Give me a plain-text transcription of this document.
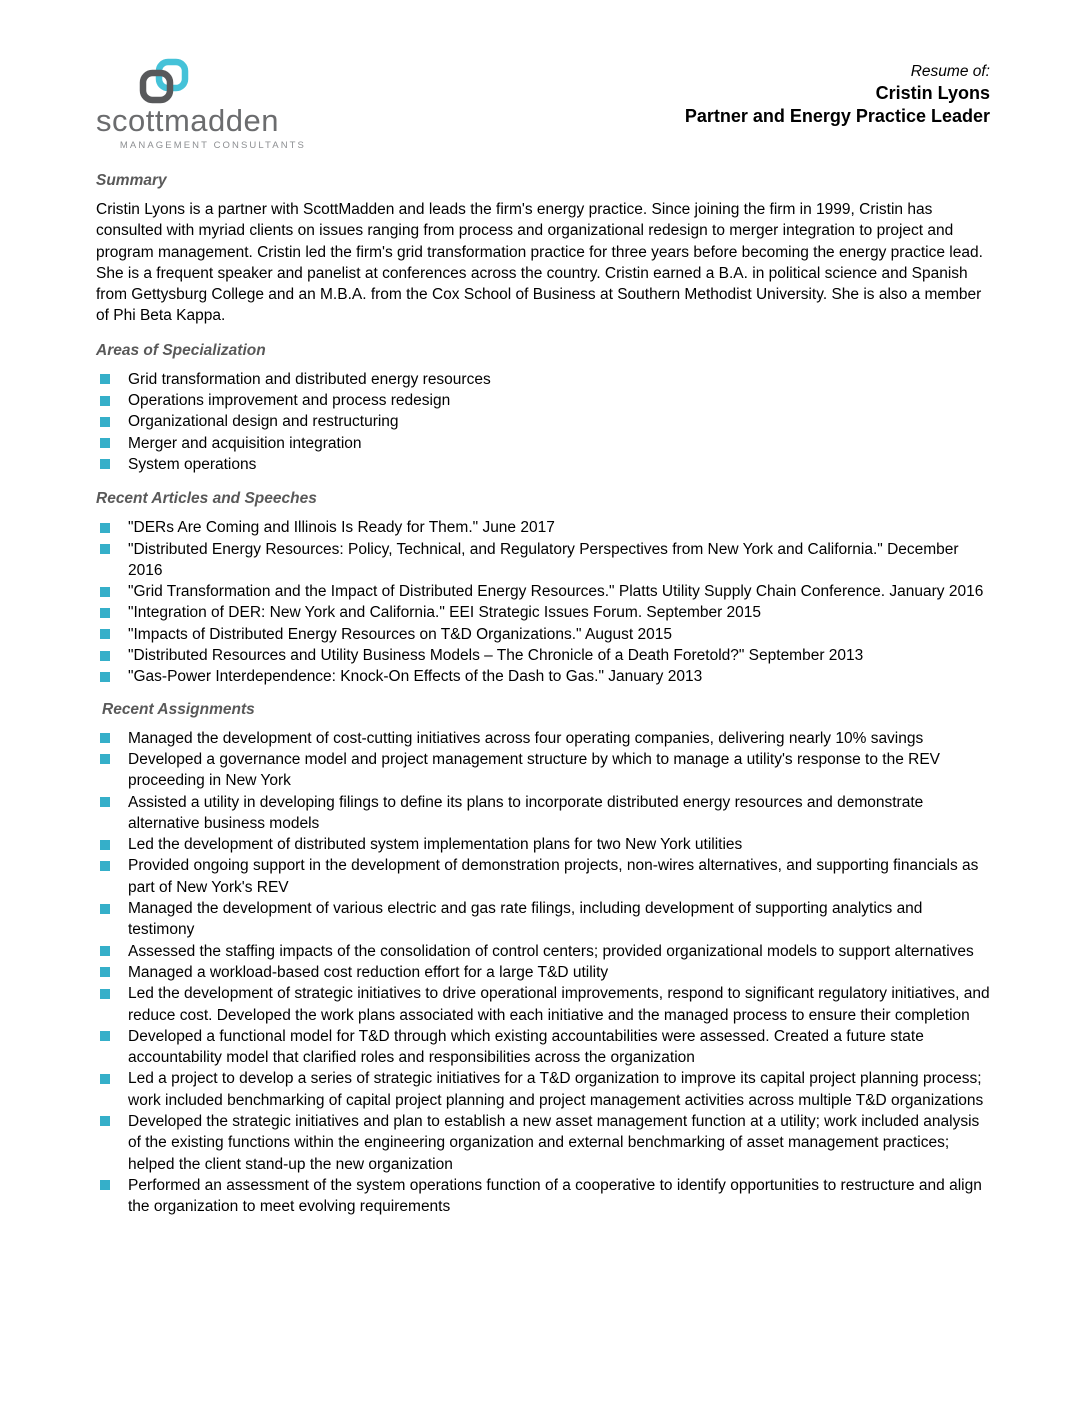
scottmadden
MANAGEMENT CONSULTANTS
Resume of:
Cristin Lyons
Partner and Energy Practice Leader
Summary

Cristin Lyons is a partner with ScottMadden and leads the firm's energy practice. Since joining the firm in 1999, Cristin has consulted with myriad clients on issues ranging from process and organizational redesign to merger integration to project and program management. Cristin led the firm's grid transformation practice for three years before becoming the energy practice lead. She is a frequent speaker and panelist at conferences across the country. Cristin earned a B.A. in political science and Spanish from Gettysburg College and an M.B.A. from the Cox School of Business at Southern Methodist University. She is also a member of Phi Beta Kappa.

Areas of Specialization
Grid transformation and distributed energy resources
Operations improvement and process redesign
Organizational design and restructuring
Merger and acquisition integration
System operations
Recent Articles and Speeches
"DERs Are Coming and Illinois Is Ready for Them." June 2017
"Distributed Energy Resources: Policy, Technical, and Regulatory Perspectives from New York and California." December 2016
"Grid Transformation and the Impact of Distributed Energy Resources." Platts Utility Supply Chain Conference. January 2016
"Integration of DER: New York and California." EEI Strategic Issues Forum. September 2015
"Impacts of Distributed Energy Resources on T&D Organizations." August 2015
"Distributed Resources and Utility Business Models – The Chronicle of a Death Foretold?" September 2013
"Gas-Power Interdependence: Knock-On Effects of the Dash to Gas." January 2013
Recent Assignments
Managed the development of cost-cutting initiatives across four operating companies, delivering nearly 10% savings
Developed a governance model and project management structure by which to manage a utility's response to the REV proceeding in New York
Assisted a utility in developing filings to define its plans to incorporate distributed energy resources and demonstrate alternative business models
Led the development of distributed system implementation plans for two New York utilities
Provided ongoing support in the development of demonstration projects, non-wires alternatives, and supporting financials as part of New York's REV
Managed the development of various electric and gas rate filings, including development of supporting analytics and testimony
Assessed the staffing impacts of the consolidation of control centers; provided organizational models to support alternatives
Managed a workload-based cost reduction effort for a large T&D utility
Led the development of strategic initiatives to drive operational improvements, respond to significant regulatory initiatives, and reduce cost. Developed the work plans associated with each initiative and the managed process to ensure their completion
Developed a functional model for T&D through which existing accountabilities were assessed. Created a future state accountability model that clarified roles and responsibilities across the organization
Led a project to develop a series of strategic initiatives for a T&D organization to improve its capital project planning process; work included benchmarking of capital project planning and project management activities across multiple T&D organizations
Developed the strategic initiatives and plan to establish a new asset management function at a utility; work included analysis of the existing functions within the engineering organization and external benchmarking of asset management practices; helped the client stand-up the new organization
Performed an assessment of the system operations function of a cooperative to identify opportunities to restructure and align the organization to meet evolving requirements
